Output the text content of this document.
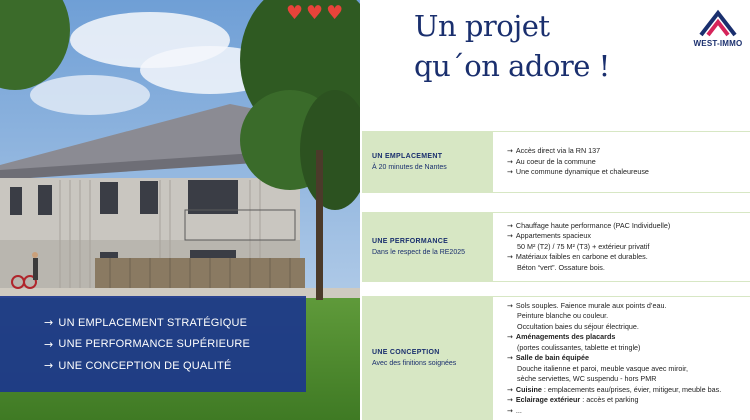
♥ ♥ ♥
→ UN EMPLACEMENT STRATÉGIQUE
→ UNE PERFORMANCE SUPÉRIEURE
→ UNE CONCEPTION DE QUALITÉ
Un projet
qu´on adore !
WEST-IMMO
UN EMPLACEMENT
À 20 minutes de Nantes
→ Accès direct via la RN 137
→ Au coeur de la commune
→ Une commune dynamique et chaleureuse
UNE PERFORMANCE
Dans le respect de la RE2025
→ Chauffage haute performance (PAC Individuelle)
→ Appartements spacieux
50 M² (T2) / 75 M² (T3) + extérieur privatif
→ Matériaux faibles en carbone et durables.
Béton “vert”. Ossature bois.
UNE CONCEPTION
Avec des finitions soignées
→ Sols souples. Faience murale aux points d’eau.
Peinture blanche ou couleur.
Occultation baies du séjour électrique.
→ Aménagements des placards
(portes coulissantes, tablette et tringle)
→ Salle de bain équipée
Douche italienne et paroi, meuble vasque avec miroir,
sèche serviettes, WC suspendu - hors PMR
→ Cuisine : emplacements eau/prises, évier, mitigeur, meuble bas.
→ Eclairage extérieur : accès et parking
→ ...
